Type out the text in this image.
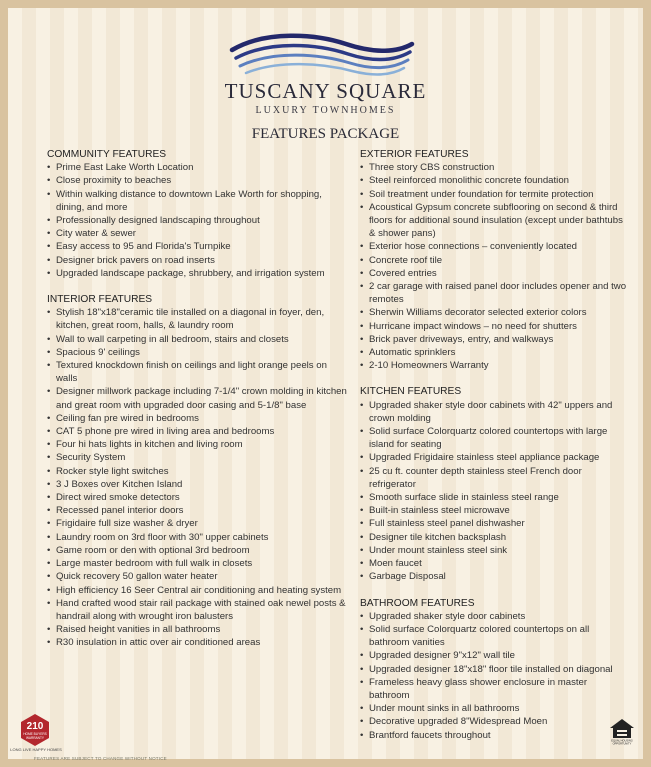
TUSCANY SQUARE
LUXURY TOWNHOMES
FEATURES PACKAGE
COMMUNITY FEATURES
• Prime East Lake Worth Location
• Close proximity to beaches
• Within walking distance to downtown Lake Worth for shopping, dining, and more
• Professionally designed landscaping throughout
• City water & sewer
• Easy access to 95 and Florida's Turnpike
• Designer brick pavers on road inserts
• Upgraded landscape package, shrubbery, and irrigation system
INTERIOR FEATURES
• Stylish 18"x18"ceramic tile installed on a diagonal in foyer, den, kitchen, great room, halls, & laundry room
• Wall to wall carpeting in all bedroom, stairs and closets
• Spacious 9' ceilings
• Textured knockdown finish on ceilings and light orange peels on walls
• Designer millwork package including 7-1/4" crown molding in kitchen and great room with upgraded door casing and 5-1/8" base
• Ceiling fan pre wired in bedrooms
• CAT 5 phone pre wired in living area and bedrooms
• Four hi hats lights in kitchen and living room
• Security System
• Rocker style light switches
• 3 J Boxes over Kitchen Island
• Direct wired smoke detectors
• Recessed panel interior doors
• Frigidaire full size washer & dryer
• Laundry room on 3rd floor with 30" upper cabinets
• Game room or den with optional 3rd bedroom
• Large master bedroom with full walk in closets
• Quick recovery 50 gallon water heater
• High efficiency 16 Seer Central air conditioning and heating system
• Hand crafted wood stair rail package with stained oak newel posts & handrail along with wrought iron balusters
• Raised height vanities in all bathrooms
• R30 insulation in attic over air conditioned areas
EXTERIOR FEATURES
• Three story CBS construction
• Steel reinforced monolithic concrete foundation
• Soil treatment under foundation for termite protection
• Acoustical Gypsum concrete subflooring on second & third floors for additional sound insulation (except under bathtubs & shower pans)
• Exterior hose connections – conveniently located
• Concrete roof tile
• Covered entries
• 2 car garage with raised panel door includes opener and two remotes
• Sherwin Williams decorator selected exterior colors
• Hurricane impact windows – no need for shutters
• Brick paver driveways, entry, and walkways
• Automatic sprinklers
• 2-10 Homeowners Warranty
KITCHEN FEATURES
• Upgraded shaker style door cabinets with 42" uppers and crown molding
• Solid surface Colorquartz colored countertops with large island for seating
• Upgraded Frigidaire stainless steel appliance package
• 25 cu ft. counter depth stainless steel French door refrigerator
• Smooth surface slide in stainless steel range
• Built-in stainless steel microwave
• Full stainless steel panel dishwasher
• Designer tile kitchen backsplash
• Under mount stainless steel sink
• Moen faucet
• Garbage Disposal
BATHROOM FEATURES
• Upgraded shaker style door cabinets
• Solid surface Colorquartz colored countertops on all bathroom vanities
• Upgraded designer 9"x12" wall tile
• Upgraded designer 18"x18" floor tile installed on diagonal
• Frameless heavy glass shower enclosure in master bathroom
• Under mount sinks in all bathrooms
• Decorative upgraded 8"Widespread Moen
• Brantford faucets throughout
210
HOME BUYERS
WARRANTY
LONG LIVE HAPPY HOMES
EQUAL HOUSING
OPPORTUNITY
FEATURES ARE SUBJECT TO CHANGE WITHOUT NOTICE
